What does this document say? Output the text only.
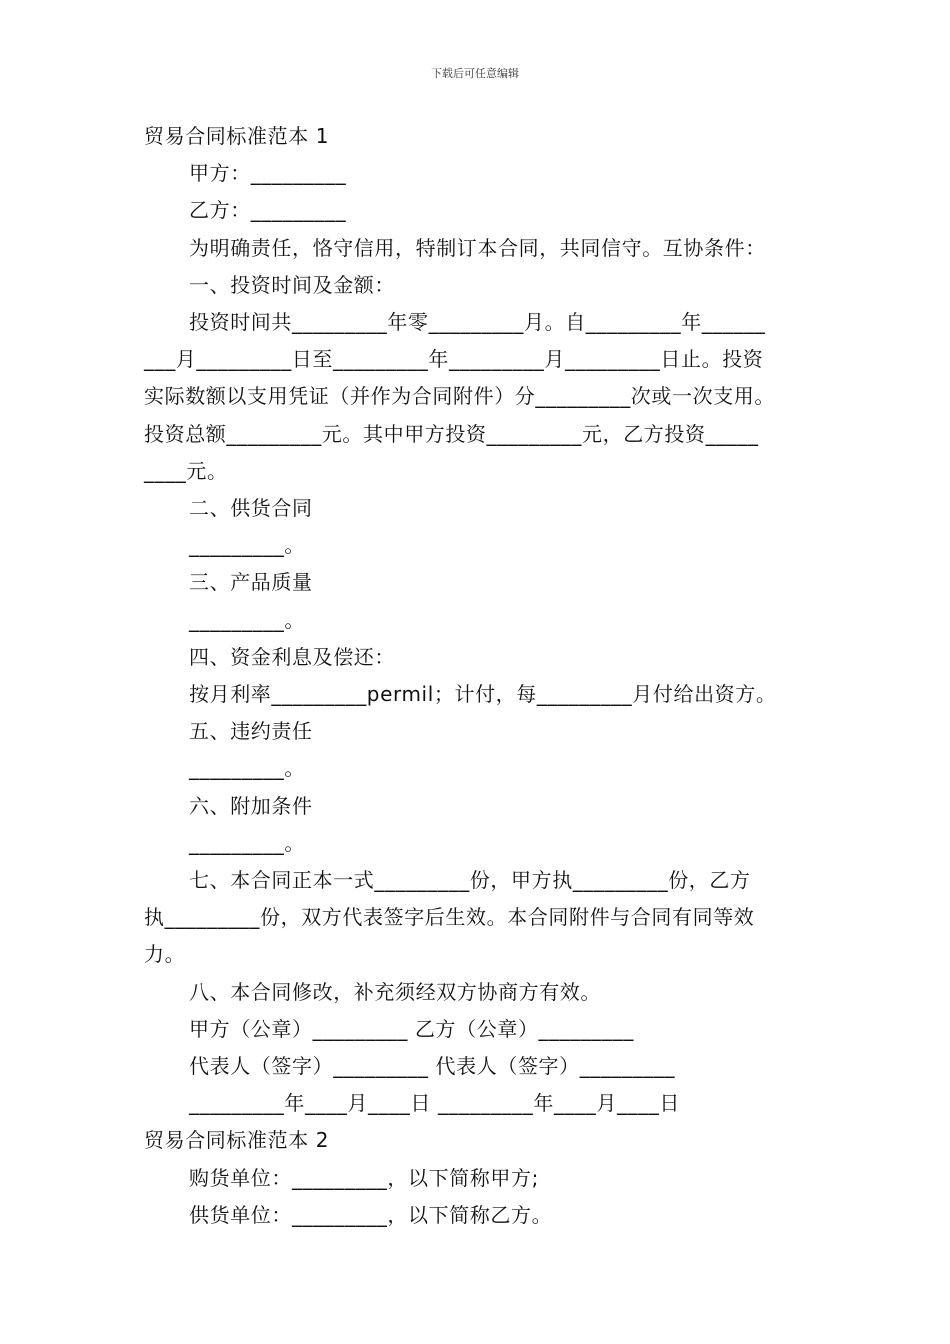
下载后可任意编辑

贸易合同标准范本 1

甲方：_________

乙方：_________

为明确责任，恪守信用，特制订本合同，共同信守。互协条件：

一、投资时间及金额：

投资时间共_________年零_________月。自_________年______

___月_________日至_________年_________月_________日止。投资

实际数额以支用凭证（并作为合同附件）分_________次或一次支用。

投资总额_________元。其中甲方投资_________元，乙方投资_____

____元。

二、供货合同

_________。

三、产品质量

_________。

四、资金利息及偿还：

按月利率_________permil；计付，每_________月付给出资方。

五、违约责任

_________。

六、附加条件

_________。

七、本合同正本一式_________份，甲方执_________份，乙方

执_________份，双方代表签字后生效。本合同附件与合同有同等效

力。

八、本合同修改，补充须经双方协商方有效。

甲方（公章）_________ 乙方（公章）_________

代表人（签字）_________ 代表人（签字）_________

_________年____月____日 _________年____月____日

贸易合同标准范本 2

购货单位：_________，以下简称甲方;

供货单位：_________，以下简称乙方。
